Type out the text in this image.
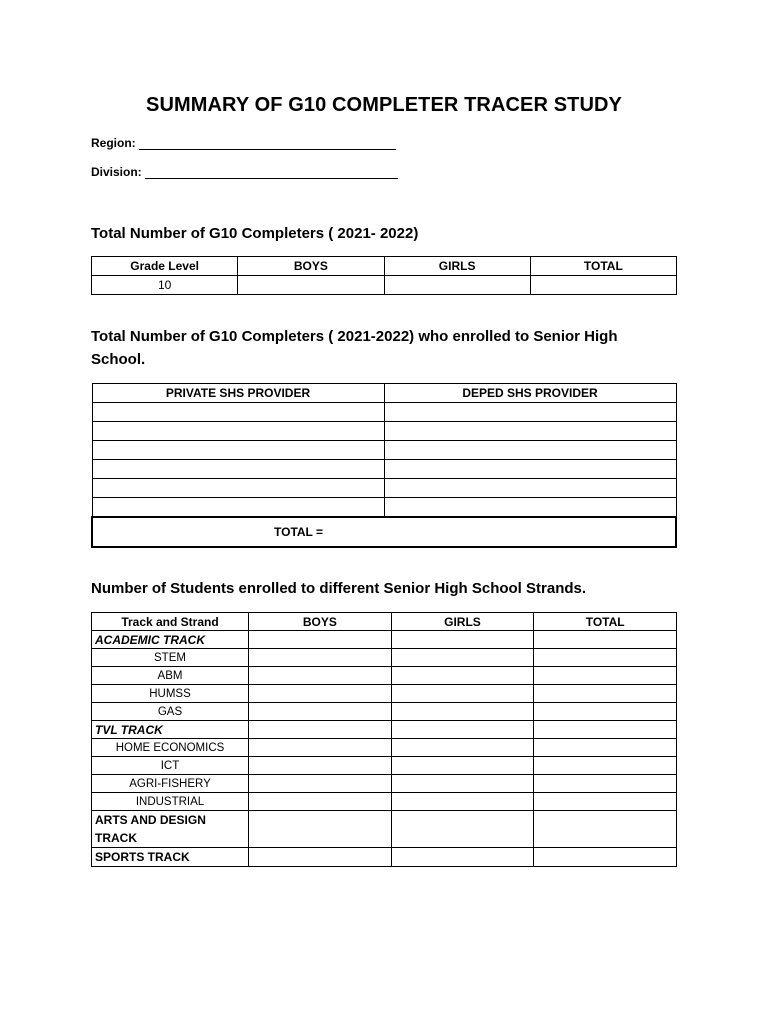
SUMMARY OF G10 COMPLETER TRACER STUDY
Region:
Division:
Total Number of G10 Completers ( 2021- 2022)
Grade Level	BOYS	GIRLS	TOTAL
10			
Total Number of G10 Completers ( 2021-2022) who enrolled to Senior High
School.
PRIVATE SHS PROVIDER	DEPED SHS PROVIDER

TOTAL =	
Number of Students enrolled to different Senior High School Strands.
Track and Strand	BOYS	GIRLS	TOTAL
ACADEMIC TRACK			
STEM			
ABM			
HUMSS			
GAS			
TVL TRACK			
HOME ECONOMICS			
ICT			
AGRI-FISHERY			
INDUSTRIAL			

ARTS AND DESIGN
TRACK			

SPORTS TRACK			
